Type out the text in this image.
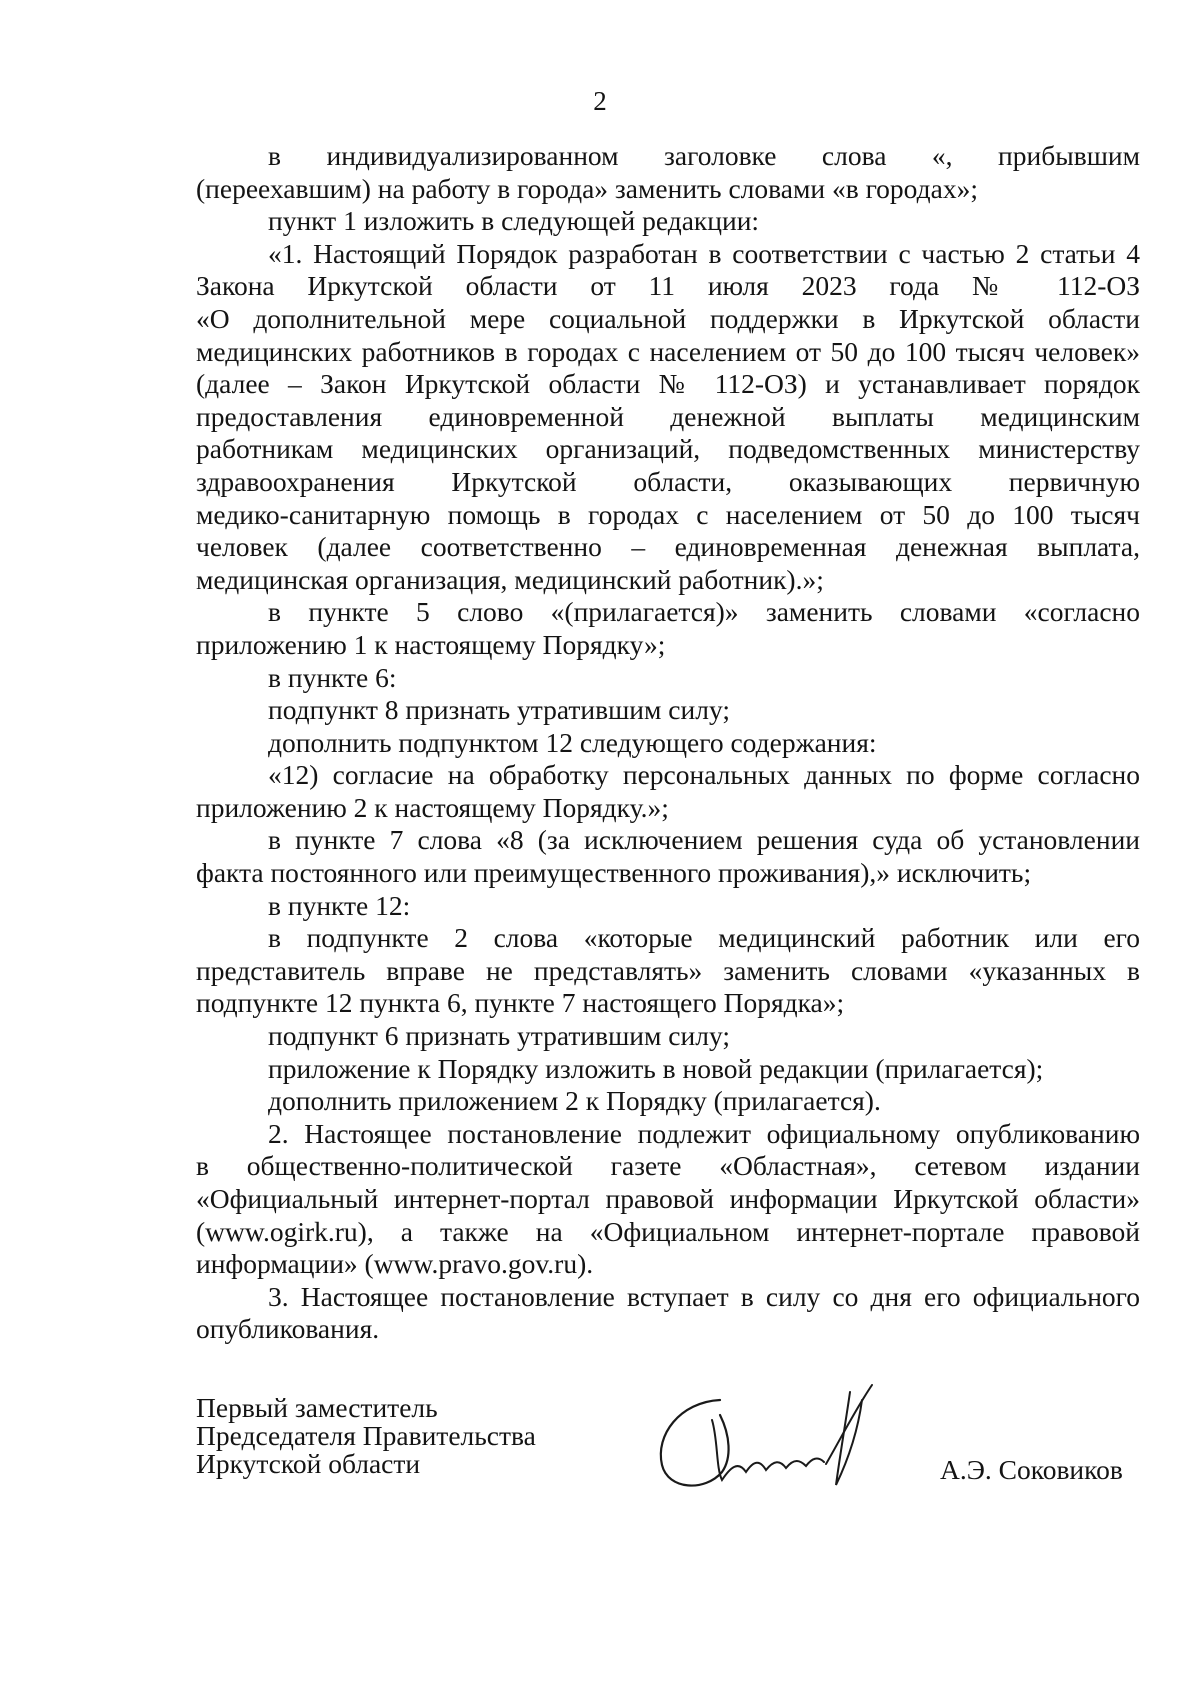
2
в индивидуализированном заголовке слова «, прибывшим
(переехавшим) на работу в города» заменить словами «в городах»;
пункт 1 изложить в следующей редакции:
«1. Настоящий Порядок разработан в соответствии с частью 2 статьи 4
Закона Иркутской области от 11 июля 2023 года № 112-ОЗ
«О дополнительной мере социальной поддержки в Иркутской области
медицинских работников в городах с населением от 50 до 100 тысяч человек»
(далее – Закон Иркутской области № 112-ОЗ) и устанавливает порядок
предоставления единовременной денежной выплаты медицинским
работникам медицинских организаций, подведомственных министерству
здравоохранения Иркутской области, оказывающих первичную
медико-санитарную помощь в городах с населением от 50 до 100 тысяч
человек (далее соответственно – единовременная денежная выплата,
медицинская организация, медицинский работник).»;
в пункте 5 слово «(прилагается)» заменить словами «согласно
приложению 1 к настоящему Порядку»;
в пункте 6:
подпункт 8 признать утратившим силу;
дополнить подпунктом 12 следующего содержания:
«12) согласие на обработку персональных данных по форме согласно
приложению 2 к настоящему Порядку.»;
в пункте 7 слова «8 (за исключением решения суда об установлении
факта постоянного или преимущественного проживания),» исключить;
в пункте 12:
в подпункте 2 слова «которые медицинский работник или его
представитель вправе не представлять» заменить словами «указанных в
подпункте 12 пункта 6, пункте 7 настоящего Порядка»;
подпункт 6 признать утратившим силу;
приложение к Порядку изложить в новой редакции (прилагается);
дополнить приложением 2 к Порядку (прилагается).
2. Настоящее постановление подлежит официальному опубликованию
в общественно-политической газете «Областная», сетевом издании
«Официальный интернет-портал правовой информации Иркутской области»
(www.ogirk.ru), а также на «Официальном интернет-портале правовой
информации» (www.pravo.gov.ru).
3. Настоящее постановление вступает в силу со дня его официального
опубликования.
Первый заместитель
Председателя Правительства
Иркутской области	А.Э. Соковиков
